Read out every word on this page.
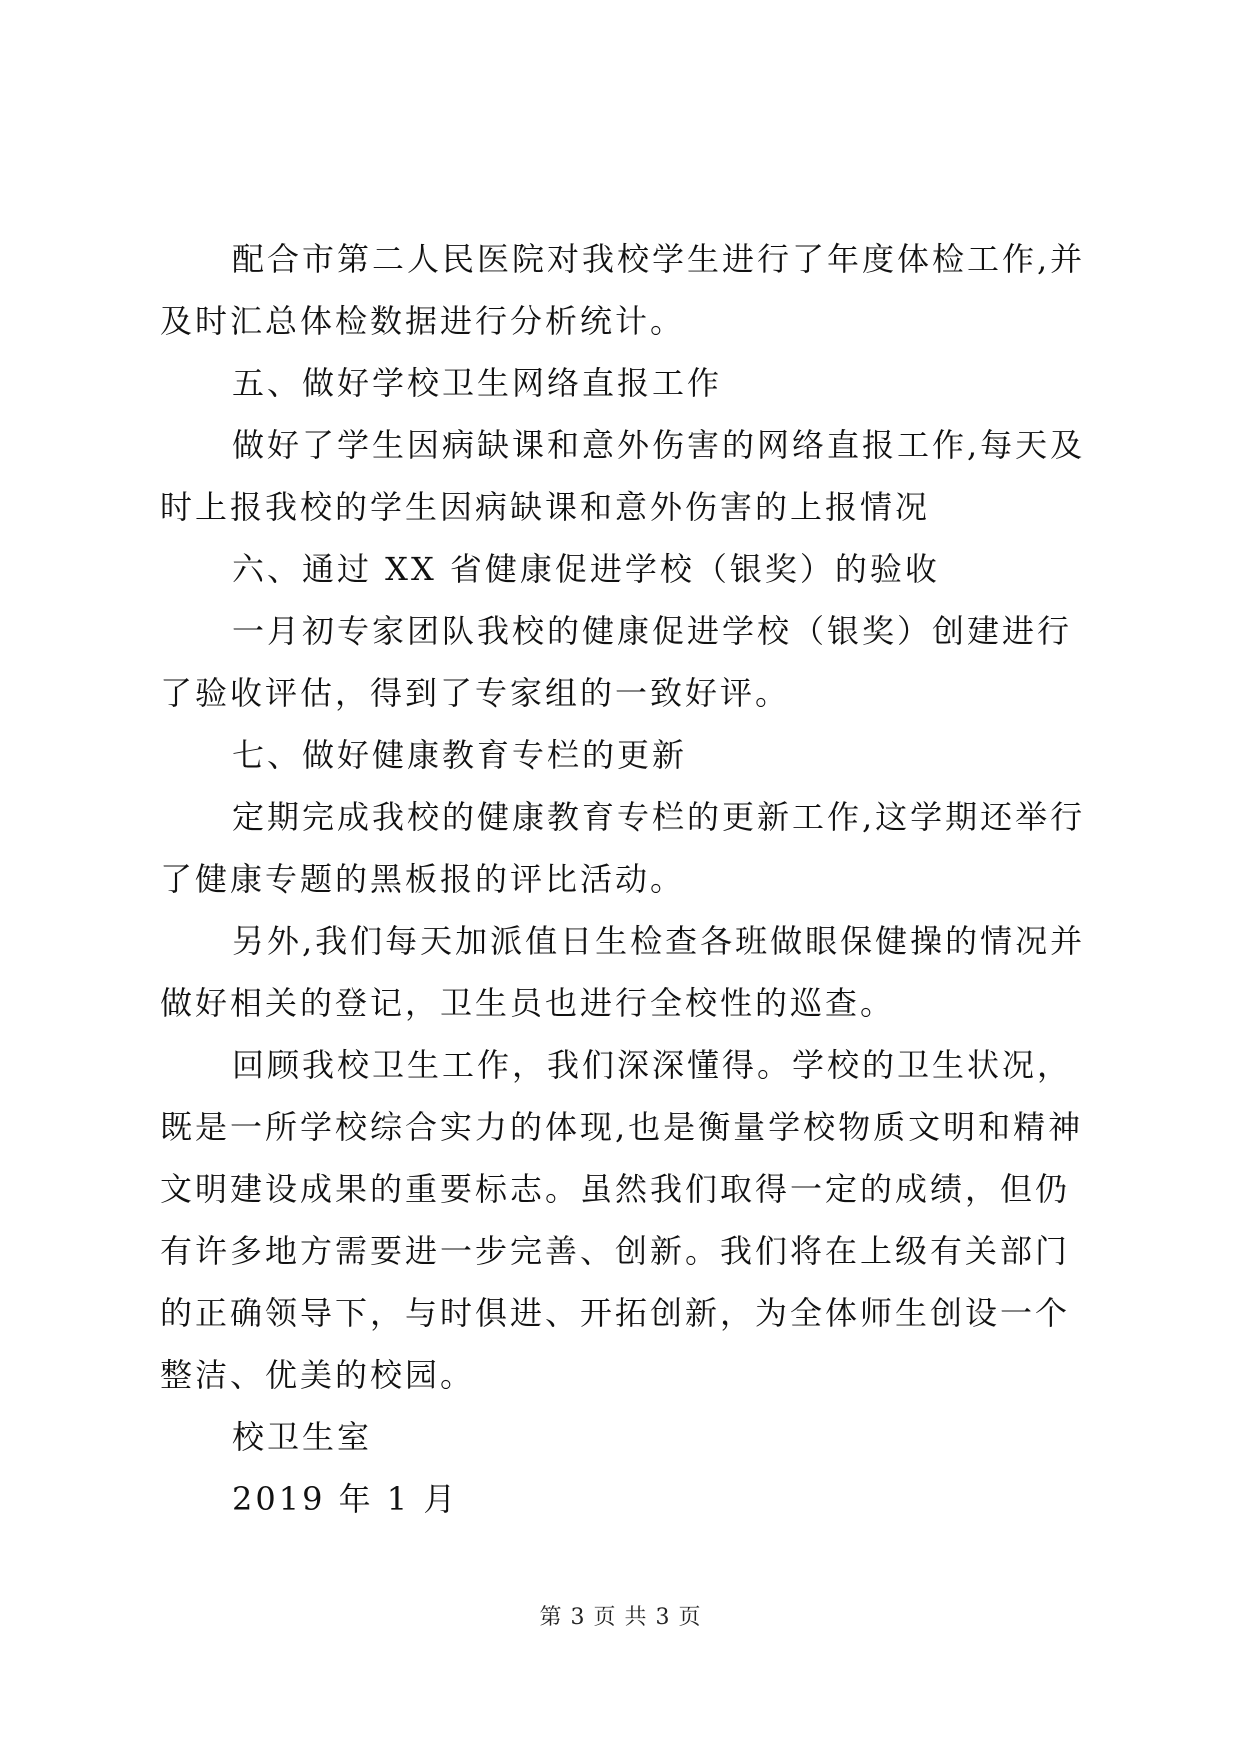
配合市第二人民医院对我校学生进行了年度体检工作,并及时汇总体检数据进行分析统计。

五、做好学校卫生网络直报工作

做好了学生因病缺课和意外伤害的网络直报工作,每天及时上报我校的学生因病缺课和意外伤害的上报情况

六、通过 XX 省健康促进学校（银奖）的验收

一月初专家团队我校的健康促进学校（银奖）创建进行了验收评估，得到了专家组的一致好评。

七、做好健康教育专栏的更新

定期完成我校的健康教育专栏的更新工作,这学期还举行了健康专题的黑板报的评比活动。

另外,我们每天加派值日生检查各班做眼保健操的情况并做好相关的登记，卫生员也进行全校性的巡查。

回顾我校卫生工作，我们深深懂得。学校的卫生状况，既是一所学校综合实力的体现,也是衡量学校物质文明和精神文明建设成果的重要标志。虽然我们取得一定的成绩，但仍有许多地方需要进一步完善、创新。我们将在上级有关部门的正确领导下，与时俱进、开拓创新，为全体师生创设一个整洁、优美的校园。

校卫生室

2019 年 1 月

第 3 页 共 3 页
